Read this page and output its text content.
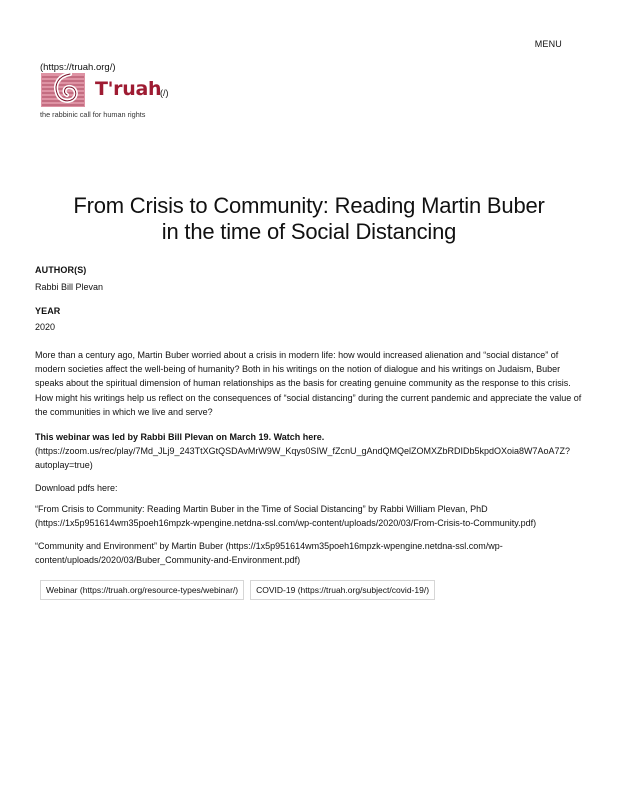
MENU
(https://truah.org/)
T'ruah
the rabbinic call for human rights
(/)
From Crisis to Community: Reading Martin Buber
in the time of Social Distancing
AUTHOR(S)
Rabbi Bill Plevan
YEAR
2020

More than a century ago, Martin Buber worried about a crisis in modern life: how would increased alienation and “social distance” of modern societies affect the well-being of humanity? Both in his writings on the notion of dialogue and his writings on Judaism, Buber speaks about the spiritual dimension of human relationships as the basis for creating genuine community as the response to this crisis. How might his writings help us reflect on the consequences of “social distancing” during the current pandemic and appreciate the value of the communities in which we live and serve?

This webinar was led by Rabbi Bill Plevan on March 19. Watch here.
(https://zoom.us/rec/play/7Md_JLj9_243TtXGtQSDAvMrW9W_Kqys0SIW_fZcnU_gAndQMQelZOMXZbRDIDb5kpdOXoia8W7AoA7Z?autoplay=true)

Download pdfs here:

“From Crisis to Community: Reading Martin Buber in the Time of Social Distancing” by Rabbi William Plevan, PhD
(https://1x5p951614wm35poeh16mpzk-wpengine.netdna-ssl.com/wp-content/uploads/2020/03/From-Crisis-to-Community.pdf)

“Community and Environment” by Martin Buber (https://1x5p951614wm35poeh16mpzk-wpengine.netdna-ssl.com/wp-content/uploads/2020/03/Buber_Community-and-Environment.pdf)

Webinar (https://truah.org/resource-types/webinar/)	COVID-19 (https://truah.org/subject/covid-19/)
